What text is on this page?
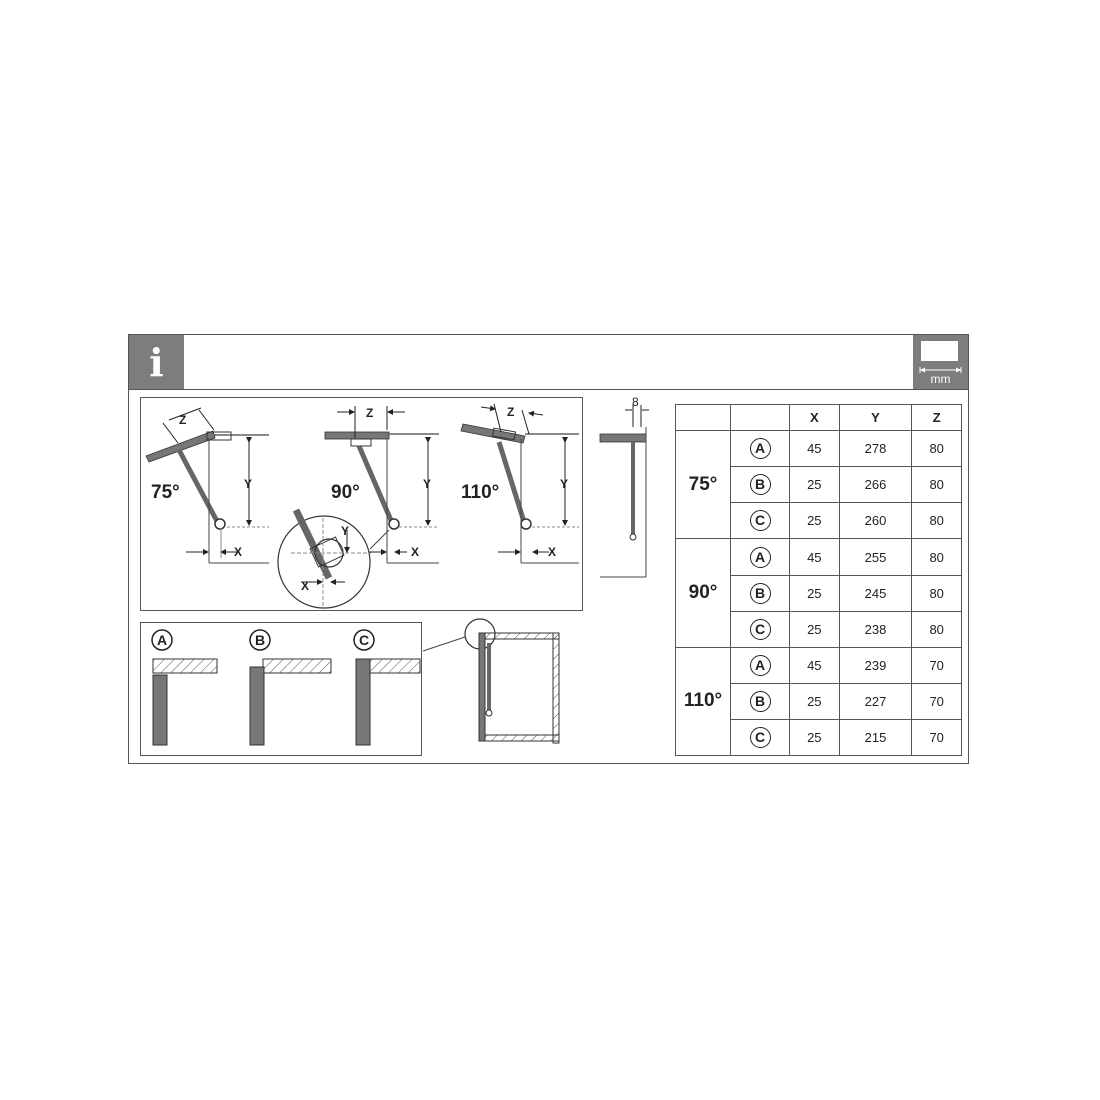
i	mm
75°	Y
X
Z
90°	Y
X
Z
Y
X
110°	Y
X
Z
8
A	B	C
		X	Y	Z
75°	A	45	278	80
	B	25	266	80
	C	25	260	80
90°	A	45	255	80
	B	25	245	80
	C	25	238	80
110°	A	45	239	70
	B	25	227	70
	C	25	215	70
